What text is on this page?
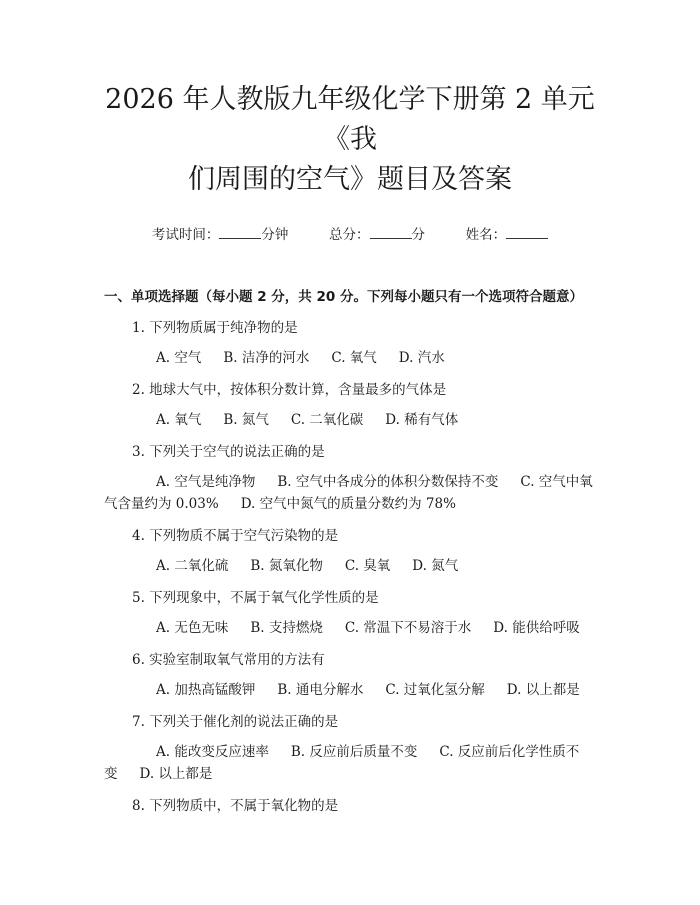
2026 年人教版九年级化学下册第 2 单元《我
们周围的空气》题目及答案
考试时间：	分钟	总分：	分	姓名：
一、单项选择题（每小题 2 分，共 20 分。下列每小题只有一个选项符合题意）
1. 下列物质属于纯净物的是
A. 空气 B. 洁净的河水 C. 氧气 D. 汽水
2. 地球大气中，按体积分数计算，含量最多的气体是
A. 氧气 B. 氮气 C. 二氧化碳 D. 稀有气体
3. 下列关于空气的说法正确的是
A. 空气是纯净物 B. 空气中各成分的体积分数保持不变 C. 空气中氧气含量约为 0.03% D. 空气中氮气的质量分数约为 78%
4. 下列物质不属于空气污染物的是
A. 二氧化硫 B. 氮氧化物 C. 臭氧 D. 氮气
5. 下列现象中，不属于氧气化学性质的是
A. 无色无味 B. 支持燃烧 C. 常温下不易溶于水 D. 能供给呼吸
6. 实验室制取氧气常用的方法有
A. 加热高锰酸钾 B. 通电分解水 C. 过氧化氢分解 D. 以上都是
7. 下列关于催化剂的说法正确的是
A. 能改变反应速率 B. 反应前后质量不变 C. 反应前后化学性质不变 D. 以上都是
8. 下列物质中，不属于氧化物的是
